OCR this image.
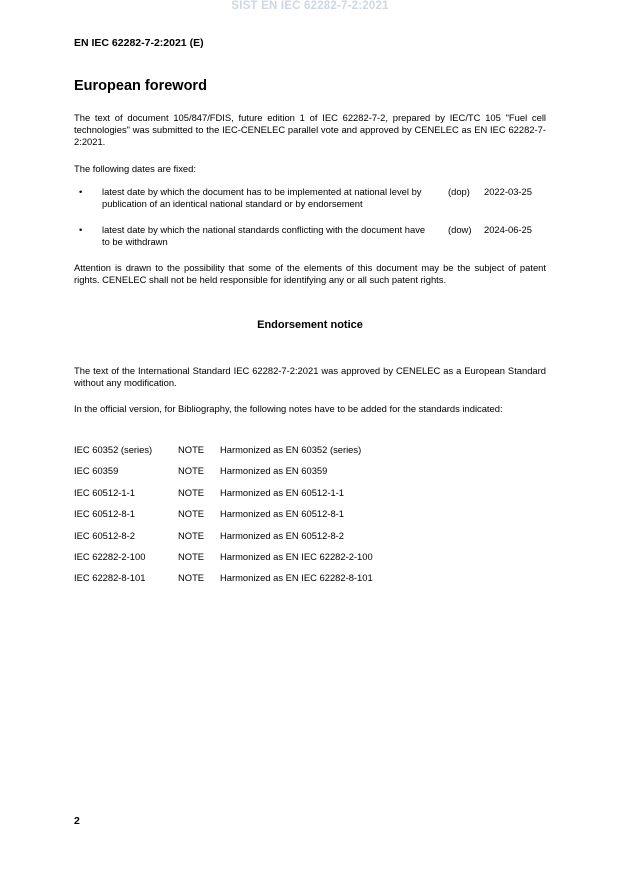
SIST EN IEC 62282-7-2:2021
EN IEC 62282-7-2:2021 (E)
European foreword

The text of document 105/847/FDIS, future edition 1 of IEC 62282-7-2, prepared by IEC/TC 105 "Fuel cell technologies" was submitted to the IEC-CENELEC parallel vote and approved by CENELEC as EN IEC 62282-7-2:2021.

The following dates are fixed:

• latest date by which the document has to be implemented at national level by publication of an identical national standard or by endorsement
(dop) 2022-03-25
• latest date by which the national standards conflicting with the document have to be withdrawn
(dow) 2024-06-25

Attention is drawn to the possibility that some of the elements of this document may be the subject of patent rights. CENELEC shall not be held responsible for identifying any or all such patent rights.

Endorsement notice

The text of the International Standard IEC 62282-7-2:2021 was approved by CENELEC as a European Standard without any modification.

In the official version, for Bibliography, the following notes have to be added for the standards indicated:

IEC 60352 (series)	NOTE Harmonized as EN 60352 (series)
IEC 60359	NOTE Harmonized as EN 60359
IEC 60512-1-1	NOTE Harmonized as EN 60512-1-1
IEC 60512-8-1	NOTE Harmonized as EN 60512-8-1
IEC 60512-8-2	NOTE Harmonized as EN 60512-8-2
IEC 62282-2-100	NOTE Harmonized as EN IEC 62282-2-100
IEC 62282-8-101	NOTE Harmonized as EN IEC 62282-8-101
2
